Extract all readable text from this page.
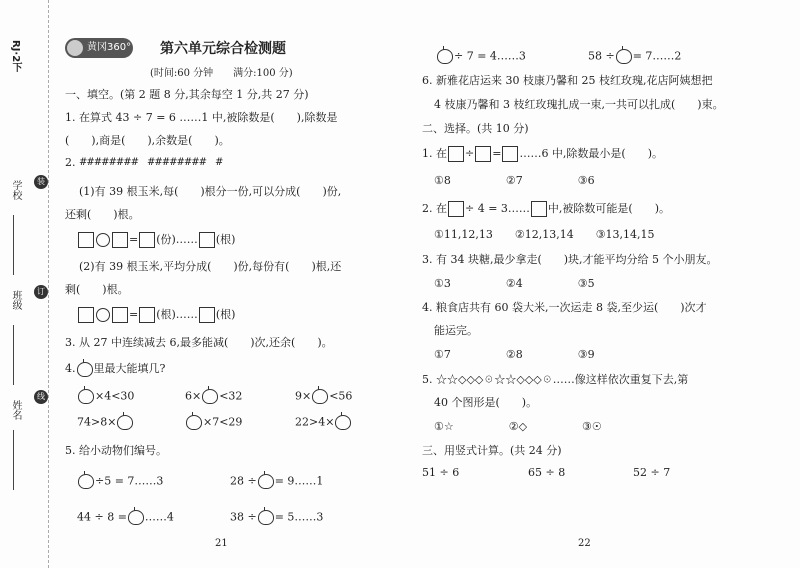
RJ·2下
学校
班级
姓名
装
订
线
黄冈360° 第六单元综合检测题
(时间:60 分钟　　满分:100 分)
一、填空。(第 2 题 8 分,其余每空 1 分,共 27 分)
1. 在算式 43 ÷ 7 = 6 ……1 中,被除数是(　　),除数是
(　　),商是(　　),余数是(　　)。
2. ########　########　#
(1)有 39 根玉米,每(　　)根分一份,可以分成(　　)份,
还剩(　　)根。
= (份)…… (根)
(2)有 39 根玉米,平均分成(　　)份,每份有(　　)根,还
剩(　　)根。
= (根)…… (根)
3. 从 27 中连续减去 6,最多能减(　　)次,还余(　　)。
4. 里最大能填几?
×4<30	6× <32	9× <56
74>8×	×7<29	22>4×
5. 给小动物们编号。
÷5 = 7……3	28 ÷ = 9……1
44 ÷ 8 = ……4	38 ÷ = 5……3
21
÷ 7 = 4……3	58 ÷ = 7……2
6. 新雅花店运来 30 枝康乃馨和 25 枝红玫瑰,花店阿姨想把
4 枝康乃馨和 3 枝红玫瑰扎成一束,一共可以扎成(　　)束。
二、选择。(共 10 分)
1. 在 ÷ = ……6 中,除数最小是(　　)。
①8　　　　　②7　　　　　③6
2. 在 ÷ 4 = 3…… 中,被除数可能是(　　)。
①11,12,13　　②12,13,14　　③13,14,15
3. 有 34 块糖,最少拿走(　　)块,才能平均分给 5 个小朋友。
①3　　　　　②4　　　　　③5
4. 粮食店共有 60 袋大米,一次运走 8 袋,至少运(　　)次才
能运完。
①7　　　　　②8　　　　　③9
5. ☆☆◇◇◇☉☆☆◇◇◇☉……像这样依次重复下去,第
40 个图形是(　　)。
①☆　　　　　②◇　　　　　③☉
三、用竖式计算。(共 24 分)
51 ÷ 6	65 ÷ 8	52 ÷ 7
22
